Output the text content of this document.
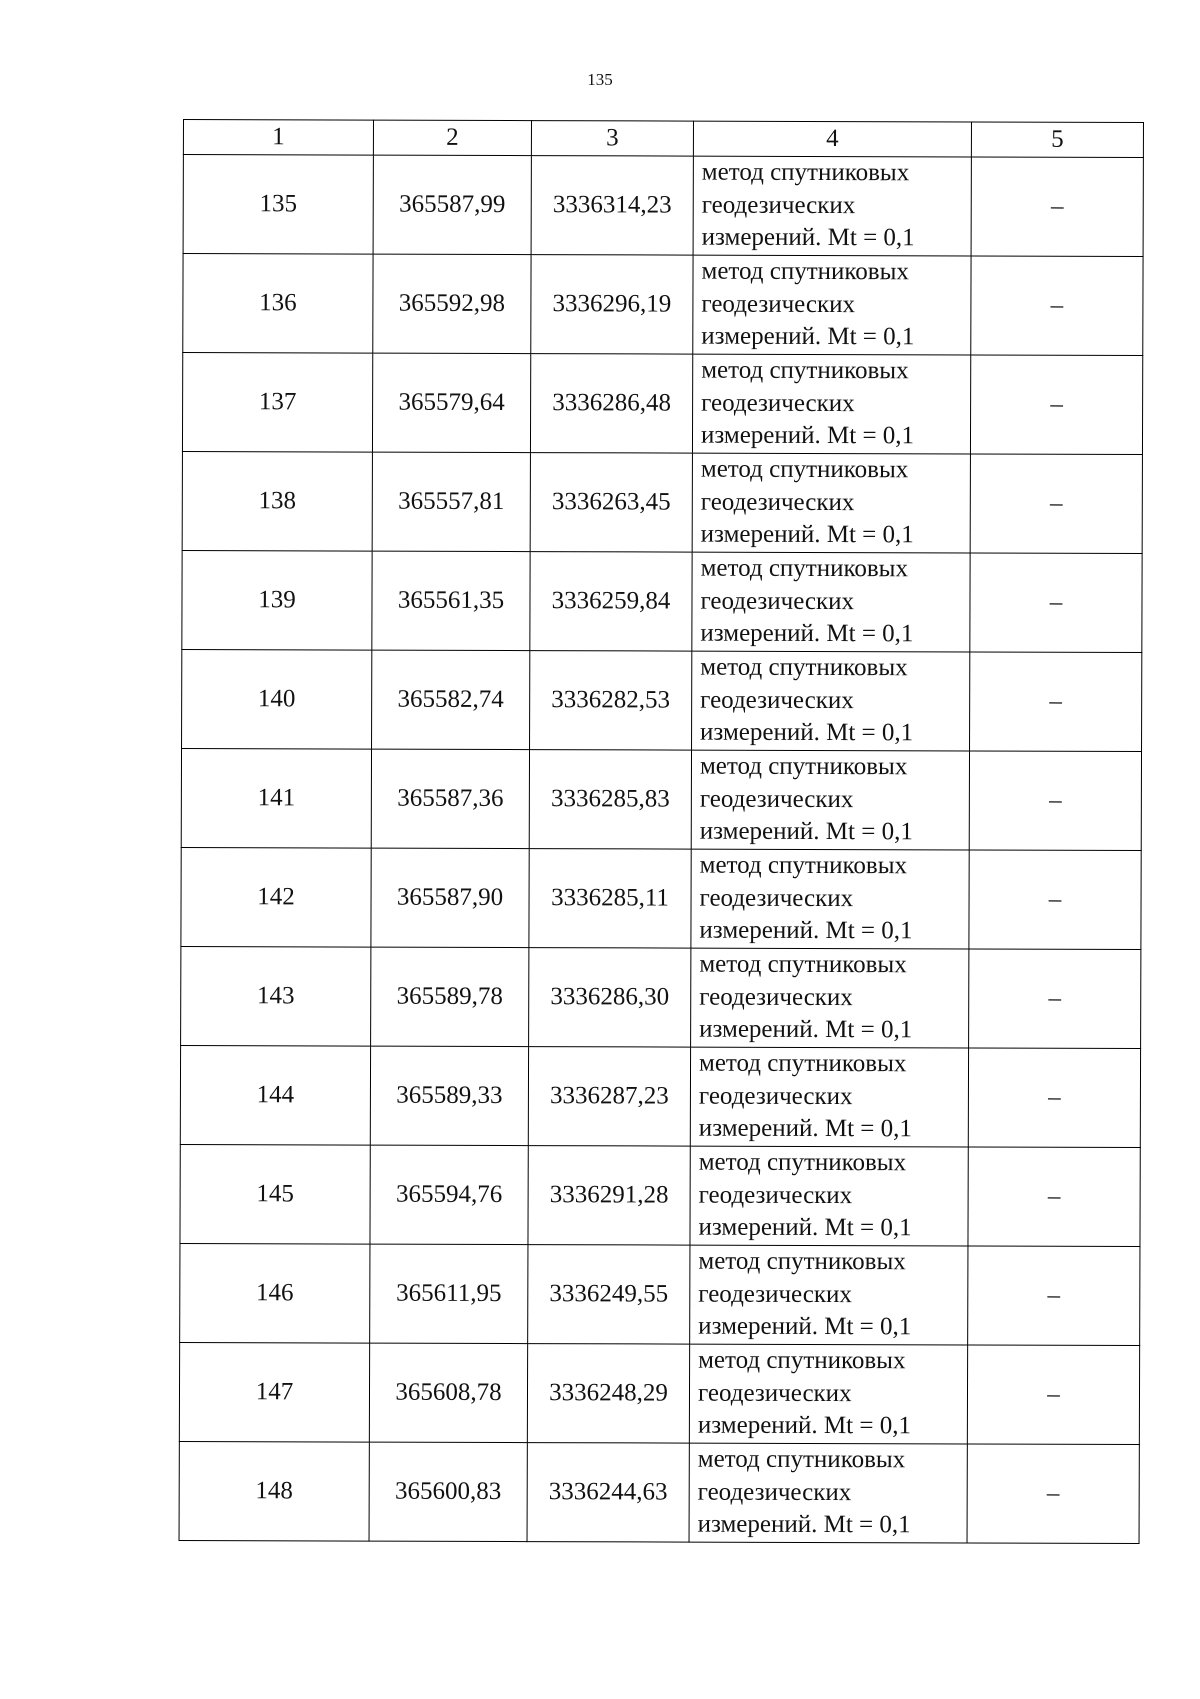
135
1	2	3	4	5
135	365587,99	3336314,23	метод спутниковых
геодезических
измерений. Mt = 0,1	–
136	365592,98	3336296,19	метод спутниковых
геодезических
измерений. Mt = 0,1	–
137	365579,64	3336286,48	метод спутниковых
геодезических
измерений. Mt = 0,1	–
138	365557,81	3336263,45	метод спутниковых
геодезических
измерений. Mt = 0,1	–
139	365561,35	3336259,84	метод спутниковых
геодезических
измерений. Mt = 0,1	–
140	365582,74	3336282,53	метод спутниковых
геодезических
измерений. Mt = 0,1	–
141	365587,36	3336285,83	метод спутниковых
геодезических
измерений. Mt = 0,1	–
142	365587,90	3336285,11	метод спутниковых
геодезических
измерений. Mt = 0,1	–
143	365589,78	3336286,30	метод спутниковых
геодезических
измерений. Mt = 0,1	–
144	365589,33	3336287,23	метод спутниковых
геодезических
измерений. Mt = 0,1	–
145	365594,76	3336291,28	метод спутниковых
геодезических
измерений. Mt = 0,1	–
146	365611,95	3336249,55	метод спутниковых
геодезических
измерений. Mt = 0,1	–
147	365608,78	3336248,29	метод спутниковых
геодезических
измерений. Mt = 0,1	–
148	365600,83	3336244,63	метод спутниковых
геодезических
измерений. Mt = 0,1	–
